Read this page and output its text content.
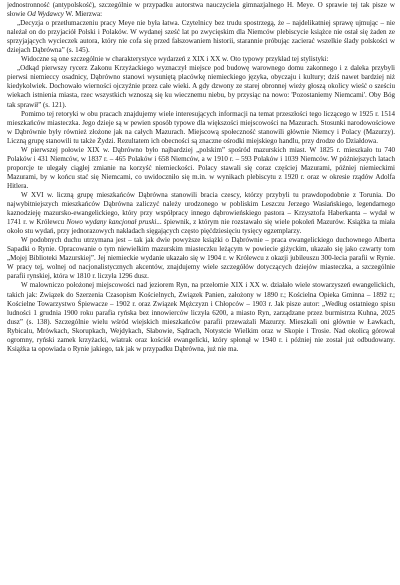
jednostronność (antypolskość), szczególnie w przypadku autorstwa nauczyciela gimnazjalnego H. Meye. O sprawie tej tak pisze w słowie Od Wydawcy W. Mierzwa:

„Decyzja o przetłumaczeniu pracy Meye nie była łatwa. Czytelnicy bez trudu spostrzegą, że – najdelikatniej sprawę ujmując – nie należał on do przyjaciół Polski i Polaków. W wydanej sześć lat po zwycięskim dla Niemców plebiscycie książce nie ostał się żaden ze sprzyjających wycieczek autora, który nie cofa się przed fałszowaniem historii, starannie próbując zacierać wszelkie ślady polskości w dziejach Dąbrówna” (s. 145).

Widoczne są one szczególnie w charakterystyce wydarzeń z XIX i XX w. Oto typowy przykład tej stylistyki:

„Odkąd pierwszy rycerz Zakonu Krzyżackiego wyznaczył miejsce pod budowę warownego domu zakonnego i z daleka przybyli pierwsi niemieccy osadnicy, Dąbrówno stanowi wysuniętą placówkę niemieckiego języka, obyczaju i kultury; dziś nawet bardziej niż kiedykolwiek. Dochowało wierności ojczyźnie przez całe wieki. A gdy dzwony ze starej obronnej wieży głoszą okolicy wieść o sześciu wiekach istnienia miasta, rzec wszystkich wznoszą się ku wiecznemu niebu, by przysiąc na nowo: 'Pozostaniemy Niemcami'. Oby Bóg tak sprawił” (s. 121).

Pomimo tej retoryki w obu pracach znajdujemy wiele interesujących informacji na temat przeszłości tego liczącego w 1925 r. 1514 mieszkańców miasteczka. Jego dzieje są w pewien sposób typowe dla większości miejscowości na Mazurach. Stosunki narodowościowe w Dąbrównie były również złożone jak na całych Mazurach. Miejscową społeczność stanowili głównie Niemcy i Polacy (Mazurzy). Liczną grupę stanowili tu także Żydzi. Rezultatem ich obecności są znaczne ośrodki miejskiego handlu, przy drodze do Działdowa.

W pierwszej połowie XIX w. Dąbrówno było najbardziej „polskim” spośród mazurskich miast. W 1825 r. mieszkało tu 740 Polaków i 431 Niemców, w 1837 r. – 465 Polaków i 658 Niemców, a w 1910 r. – 593 Polaków i 1039 Niemców. W późniejszych latach proporcje te ulegały ciągłej zmianie na korzyść niemieckości. Polacy stawali się coraz częściej Mazurami, później niemieckimi Mazurami, by w końcu stać się Niemcami, co uwidoczniło się m.in. w wynikach plebiscytu z 1920 r. oraz w okresie rządów Adolfa Hitlera.

W XVI w. liczną grupę mieszkańców Dąbrówna stanowili bracia czescy, którzy przybyli tu prawdopodobnie z Torunia. Do najwybitniejszych mieszkańców Dąbrówna zaliczyć należy urodzonego w pobliskim Leszczu Jerzego Wasiańskiego, legendarnego kaznodzieję mazursko-ewangelickiego, który przy współpracy innego dąbrowieńskiego pastora – Krzysztofa Haberkanta – wydał w 1741 r. w Królewcu Nowo wydany kancjonał pruski... śpiewnik, z którym nie rozstawało się wiele pokoleń Mazurów. Książka ta miała około stu wydań, przy jednorazowych nakładach sięgających często pięćdziesięciu tysięcy egzemplarzy.

W podobnych duchu utrzymana jest – tak jak dwie powyższe książki o Dąbrównie – praca ewangelickiego duchownego Alberta Sapadki o Rynie. Opracowanie o tym niewielkim mazurskim miasteczku leżącym w powiecie giżyckim, ukazało się jako czwarty tom „Mojej Biblioteki Mazurskiej”. Jej niemieckie wydanie ukazało się w 1904 r. w Królewcu z okazji jubileuszu 300-lecia parafii w Rynie. W pracy tej, wolnej od nacjonalistycznych akcentów, znajdujemy wiele szczegółów dotyczących dziejów miasteczka, a szczególnie parafii rynskiej, która w 1810 r. liczyła 1296 dusz.

W malowniczo położonej miejscowości nad jeziorem Ryn, na przełomie XIX i XX w. działało wiele stowarzyszeń ewangelickich, takich jak: Związek do Szerzenia Czasopism Kościelnych, Związek Panien, założony w 1890 r.; Kościelna Opieka Gminna – 1892 r.; Kościelne Towarzystwo Śpiewacze – 1902 r. oraz Związek Mężczyzn i Chłopców – 1903 r. Jak pisze autor: „Według ostatniego spisu ludności 1 grudnia 1900 roku parafia ryńska bez innowierców liczyła 6200, a miasto Ryn, zarządzane przez burmistrza Kuhna, 2025 dusz” (s. 138). Szczególnie wielu wśród wiejskich mieszkańców parafii przeważali Mazurzy. Mieszkali oni głównie w Ławkach, Rybicalu, Mrówkach, Skorupkach, Wejdykach, Słabowie, Sądrach, Notystcie Wielkim oraz w Skopie i Trosie. Nad okolicą górował ogromny, ryński zamek krzyżacki, wiatrak oraz kościół ewangelicki, który spłonął w 1940 r. i później nie został już odbudowany. Książka ta opowiada o Rynie jakiego, tak jak w przypadku Dąbrówna, już nie ma.
